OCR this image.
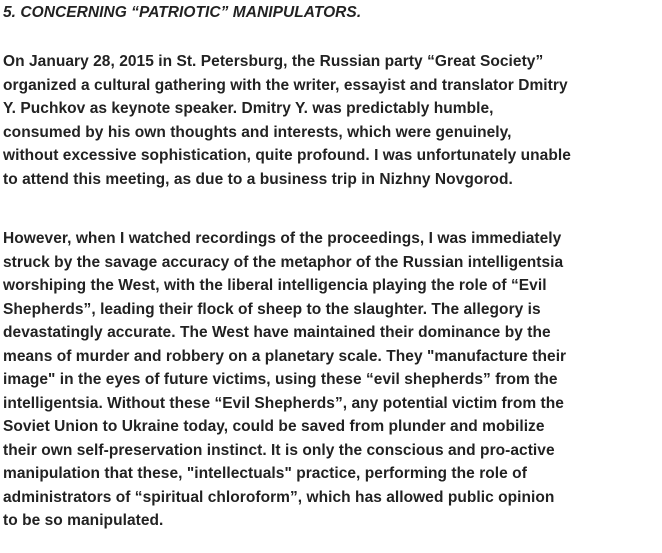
5. CONCERNING “PATRIOTIC” MANIPULATORS.

On January 28, 2015 in St. Petersburg, the Russian party “Great Society”
organized a cultural gathering with the writer, essayist and translator Dmitry
Y. Puchkov as keynote speaker. Dmitry Y. was predictably humble,
consumed by his own thoughts and interests, which were genuinely,
without excessive sophistication, quite profound. I was unfortunately unable
to attend this meeting, as due to a business trip in Nizhny Novgorod.

However, when I watched recordings of the proceedings, I was immediately
struck by the savage accuracy of the metaphor of the Russian intelligentsia
worshiping the West, with the liberal intelligencia playing the role of “Evil
Shepherds”, leading their flock of sheep to the slaughter. The allegory is
devastatingly accurate. The West have maintained their dominance by the
means of murder and robbery on a planetary scale. They "manufacture their
image" in the eyes of future victims, using these “evil shepherds” from the
intelligentsia. Without these “Evil Shepherds”, any potential victim from the
Soviet Union to Ukraine today, could be saved from plunder and mobilize
their own self-preservation instinct. It is only the conscious and pro-active
manipulation that these, "intellectuals" practice, performing the role of
administrators of “spiritual chloroform”, which has allowed public opinion
to be so manipulated.
